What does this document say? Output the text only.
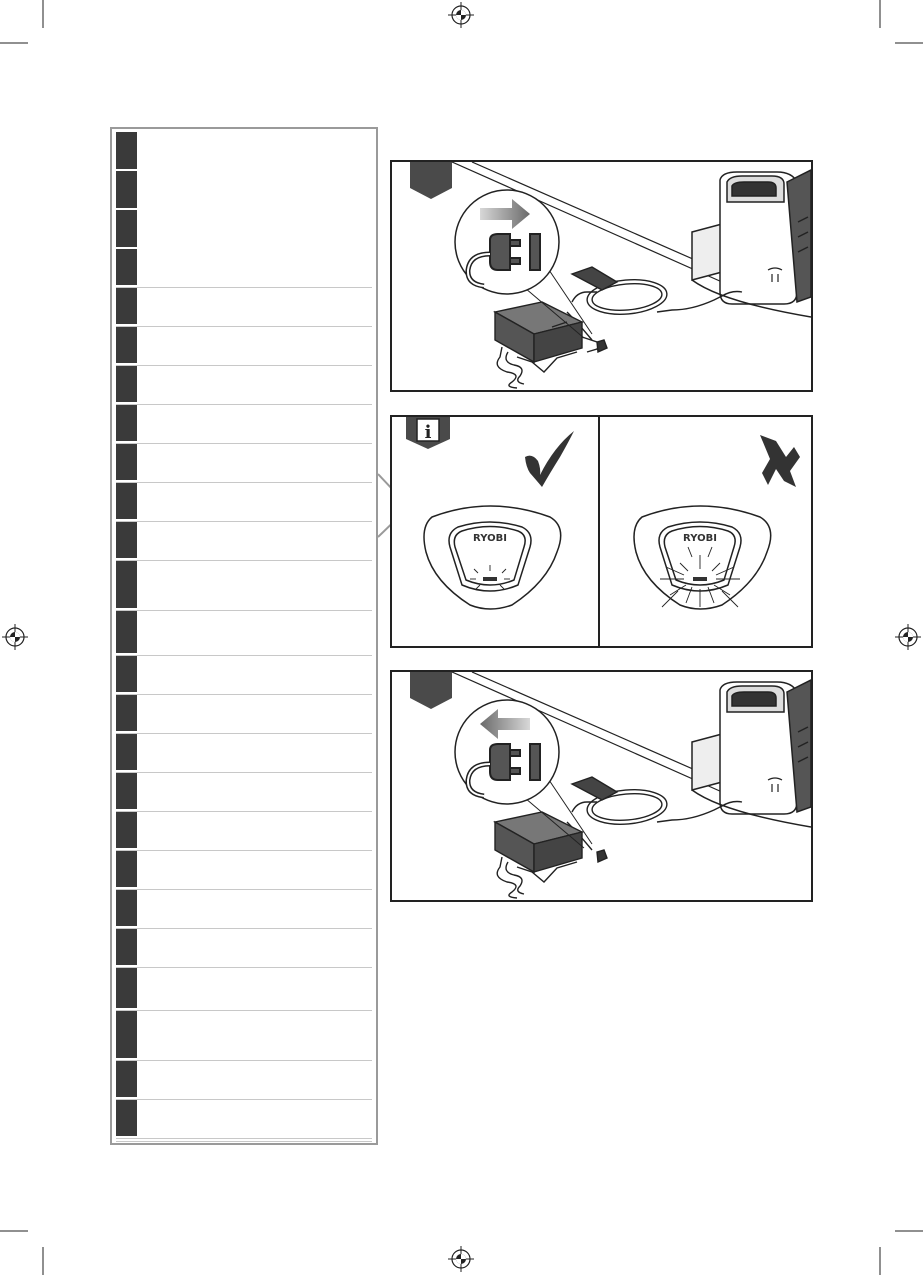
i
RYOBI	RYOBI
